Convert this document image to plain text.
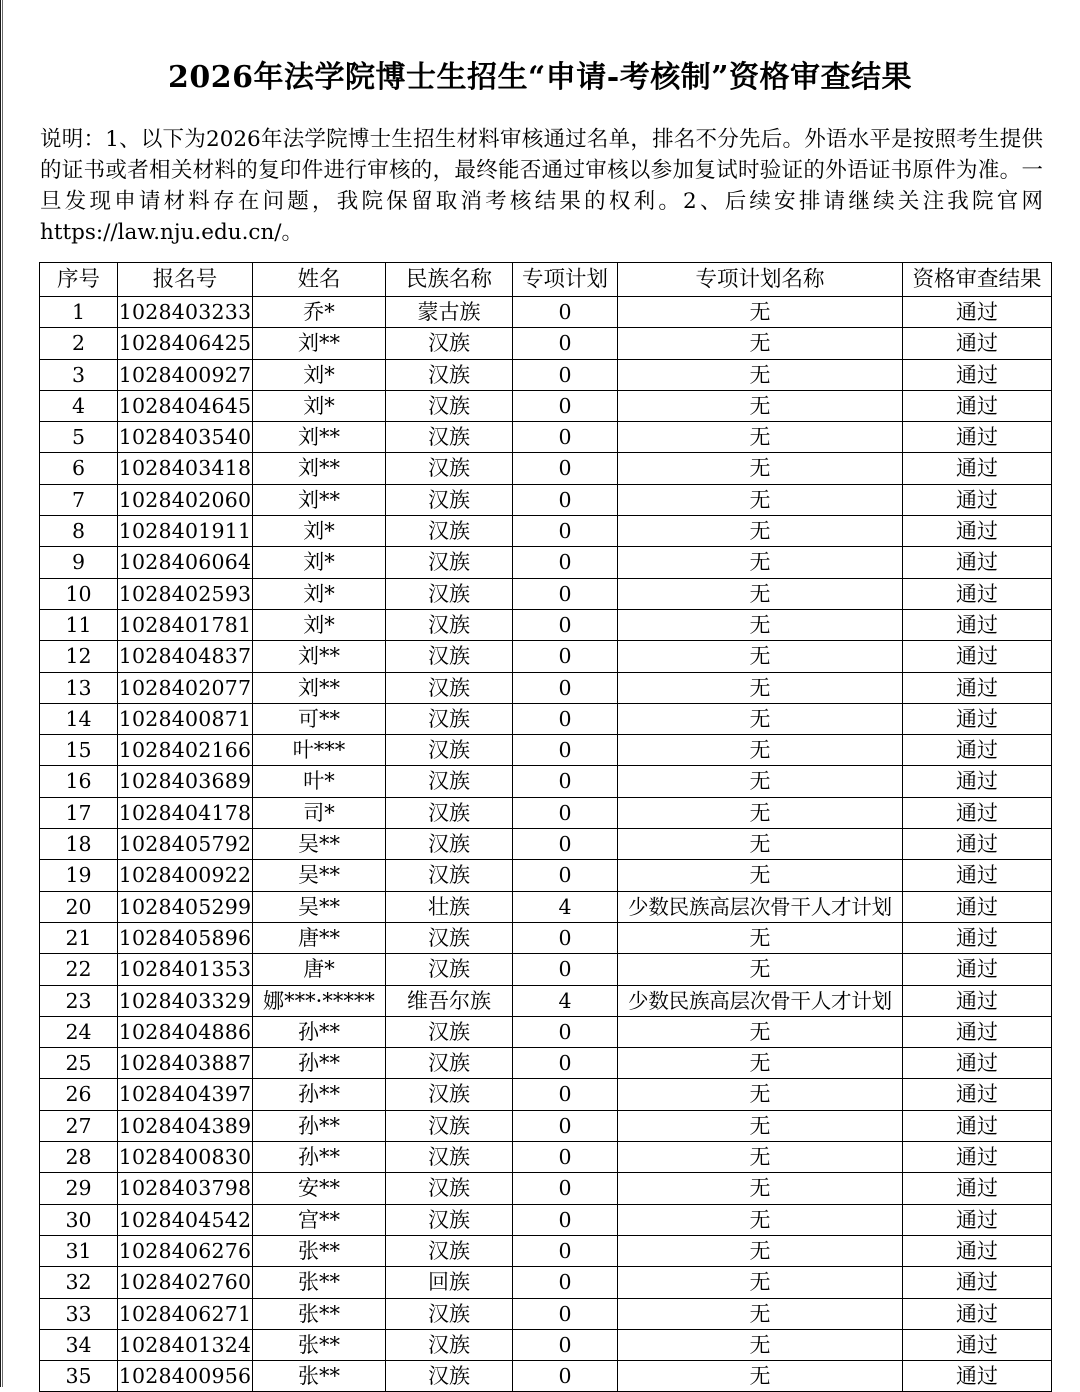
2026年法学院博士生招生“申请-考核制”资格审查结果

说明：1、以下为2026年法学院博士生招生材料审核通过名单，排名不分先后。外语水平是按照考生提供的证书或者相关材料的复印件进行审核的，最终能否通过审核以参加复试时验证的外语证书原件为准。一旦发现申请材料存在问题，我院保留取消考核结果的权利。2、后续安排请继续关注我院官网 https://law.nju.edu.cn/。

序号	报名号	姓名	民族名称	专项计划	专项计划名称	资格审查结果
1	1028403233	乔*	蒙古族	0	无	通过
2	1028406425	刘**	汉族	0	无	通过
3	1028400927	刘*	汉族	0	无	通过
4	1028404645	刘*	汉族	0	无	通过
5	1028403540	刘**	汉族	0	无	通过
6	1028403418	刘**	汉族	0	无	通过
7	1028402060	刘**	汉族	0	无	通过
8	1028401911	刘*	汉族	0	无	通过
9	1028406064	刘*	汉族	0	无	通过
10	1028402593	刘*	汉族	0	无	通过
11	1028401781	刘*	汉族	0	无	通过
12	1028404837	刘**	汉族	0	无	通过
13	1028402077	刘**	汉族	0	无	通过
14	1028400871	可**	汉族	0	无	通过
15	1028402166	叶***	汉族	0	无	通过
16	1028403689	叶*	汉族	0	无	通过
17	1028404178	司*	汉族	0	无	通过
18	1028405792	吴**	汉族	0	无	通过
19	1028400922	吴**	汉族	0	无	通过
20	1028405299	吴**	壮族	4	少数民族高层次骨干人才计划	通过
21	1028405896	唐**	汉族	0	无	通过
22	1028401353	唐*	汉族	0	无	通过
23	1028403329	娜***·*****	维吾尔族	4	少数民族高层次骨干人才计划	通过
24	1028404886	孙**	汉族	0	无	通过
25	1028403887	孙**	汉族	0	无	通过
26	1028404397	孙**	汉族	0	无	通过
27	1028404389	孙**	汉族	0	无	通过
28	1028400830	孙**	汉族	0	无	通过
29	1028403798	安**	汉族	0	无	通过
30	1028404542	宫**	汉族	0	无	通过
31	1028406276	张**	汉族	0	无	通过
32	1028402760	张**	回族	0	无	通过
33	1028406271	张**	汉族	0	无	通过
34	1028401324	张**	汉族	0	无	通过
35	1028400956	张**	汉族	0	无	通过
